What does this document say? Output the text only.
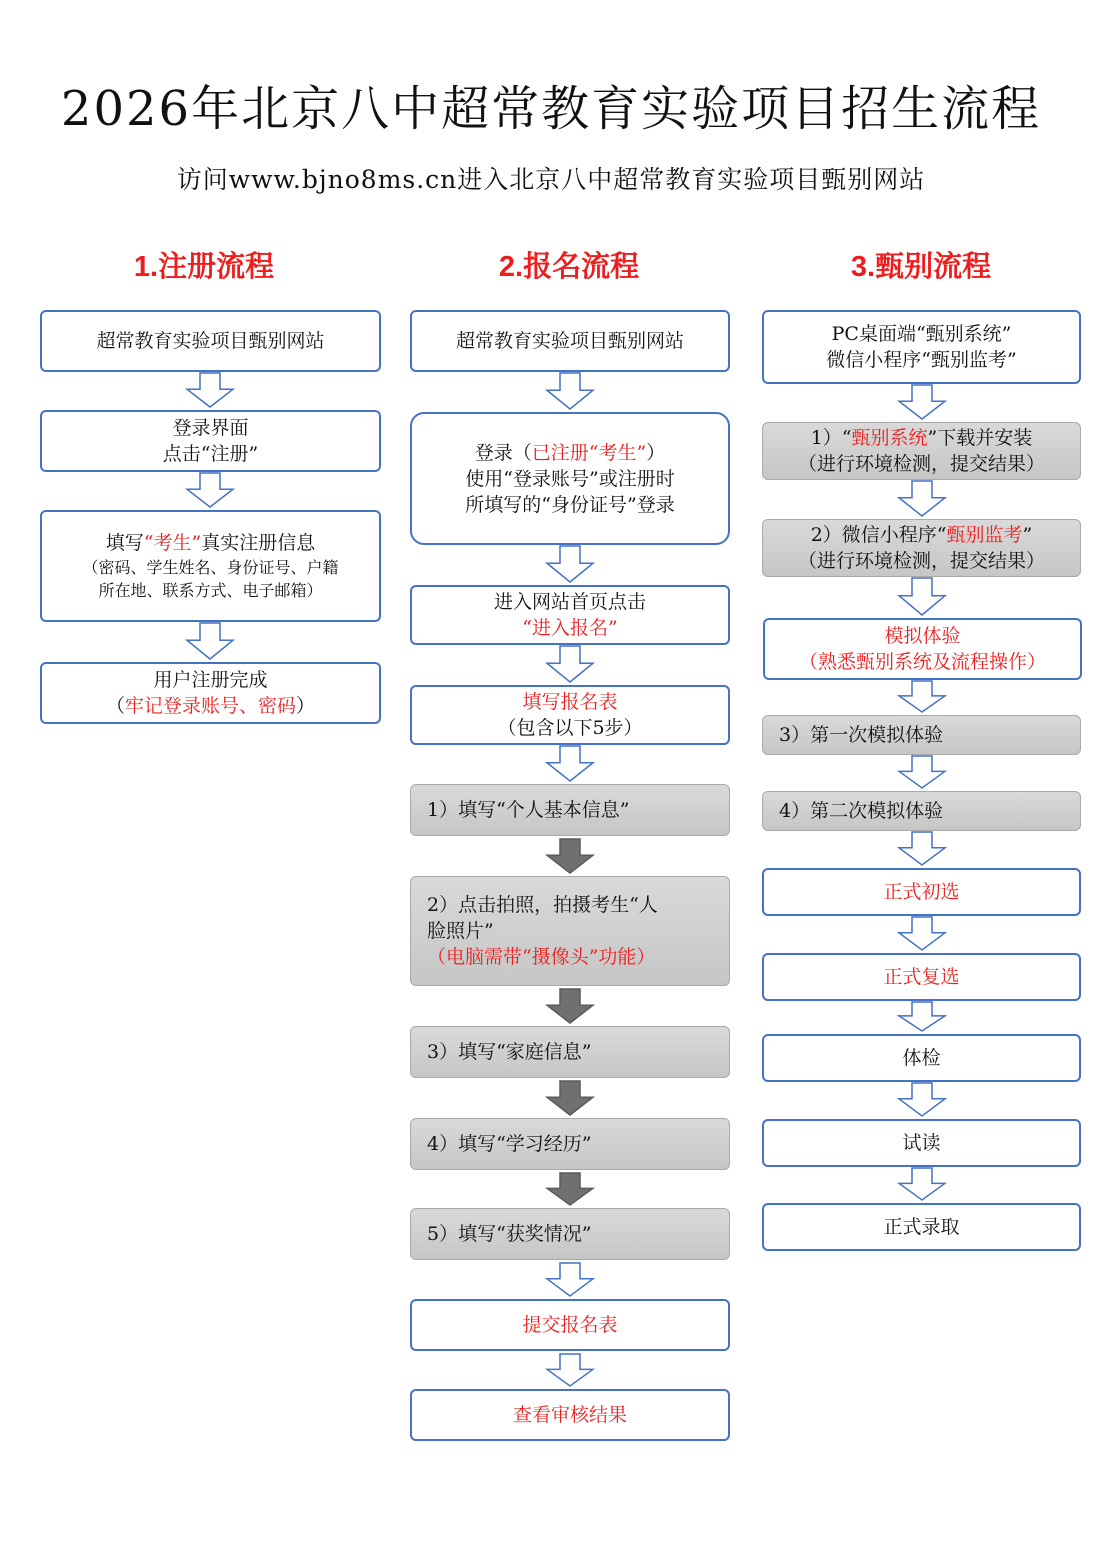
2026年北京八中超常教育实验项目招生流程
访问www.bjno8ms.cn进入北京八中超常教育实验项目甄别网站
1.注册流程
超常教育实验项目甄别网站
登录界面
点击“注册”
填写“考生”真实注册信息
（密码、学生姓名、身份证号、户籍
所在地、联系方式、电子邮箱）
用户注册完成
（牢记登录账号、密码）
2.报名流程
超常教育实验项目甄别网站
登录（已注册“考生”）
使用“登录账号”或注册时
所填写的“身份证号”登录
进入网站首页点击
“进入报名”
填写报名表
（包含以下5步）
1）填写“个人基本信息”
2）点击拍照，拍摄考生“人
脸照片”
（电脑需带“摄像头”功能）
3）填写“家庭信息”
4）填写“学习经历”
5）填写“获奖情况”
提交报名表
查看审核结果
3.甄别流程
PC桌面端“甄别系统”
微信小程序“甄别监考”
1）“甄别系统”下载并安装
（进行环境检测，提交结果）
2）微信小程序“甄别监考”
（进行环境检测，提交结果）
模拟体验
（熟悉甄别系统及流程操作）
3）第一次模拟体验
4）第二次模拟体验
正式初选
正式复选
体检
试读
正式录取
